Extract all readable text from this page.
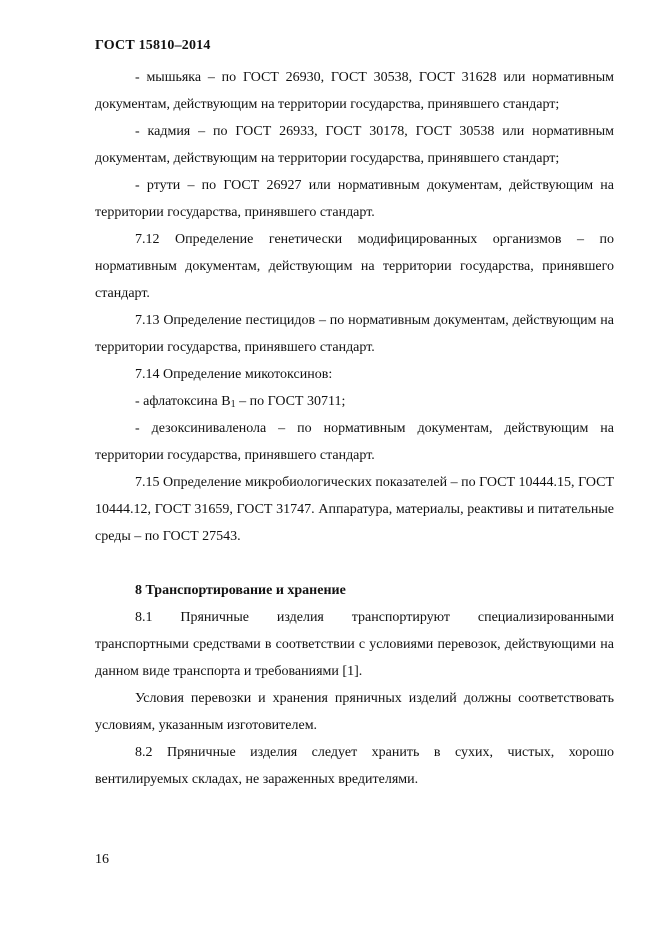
ГОСТ 15810–2014

- мышьяка – по ГОСТ 26930, ГОСТ 30538, ГОСТ 31628 или нормативным документам, действующим на территории государства, принявшего стандарт;

- кадмия – по ГОСТ 26933, ГОСТ 30178, ГОСТ 30538 или нормативным документам, действующим на территории государства, принявшего стандарт;

- ртути – по ГОСТ 26927 или нормативным документам, действующим на территории государства, принявшего стандарт.

7.12 Определение генетически модифицированных организмов – по нормативным документам, действующим на территории государства, принявшего стандарт.

7.13 Определение пестицидов – по нормативным документам, действующим на территории государства, принявшего стандарт.

7.14 Определение микотоксинов:

- афлатоксина $В_1$ – по ГОСТ 30711;

- дезоксиниваленола – по нормативным документам, действующим на территории государства, принявшего стандарт.

7.15 Определение микробиологических показателей – по ГОСТ 10444.15, ГОСТ 10444.12, ГОСТ 31659, ГОСТ 31747. Аппаратура, материалы, реактивы и питательные среды – по ГОСТ 27543.

8 Транспортирование и хранение

8.1 Пряничные изделия транспортируют специализированными транспортными средствами в соответствии с условиями перевозок, действующими на данном виде транспорта и требованиями [1].

Условия перевозки и хранения пряничных изделий должны соответствовать условиям, указанным изготовителем.

8.2 Пряничные изделия следует хранить в сухих, чистых, хорошо вентилируемых складах, не зараженных вредителями.

16
